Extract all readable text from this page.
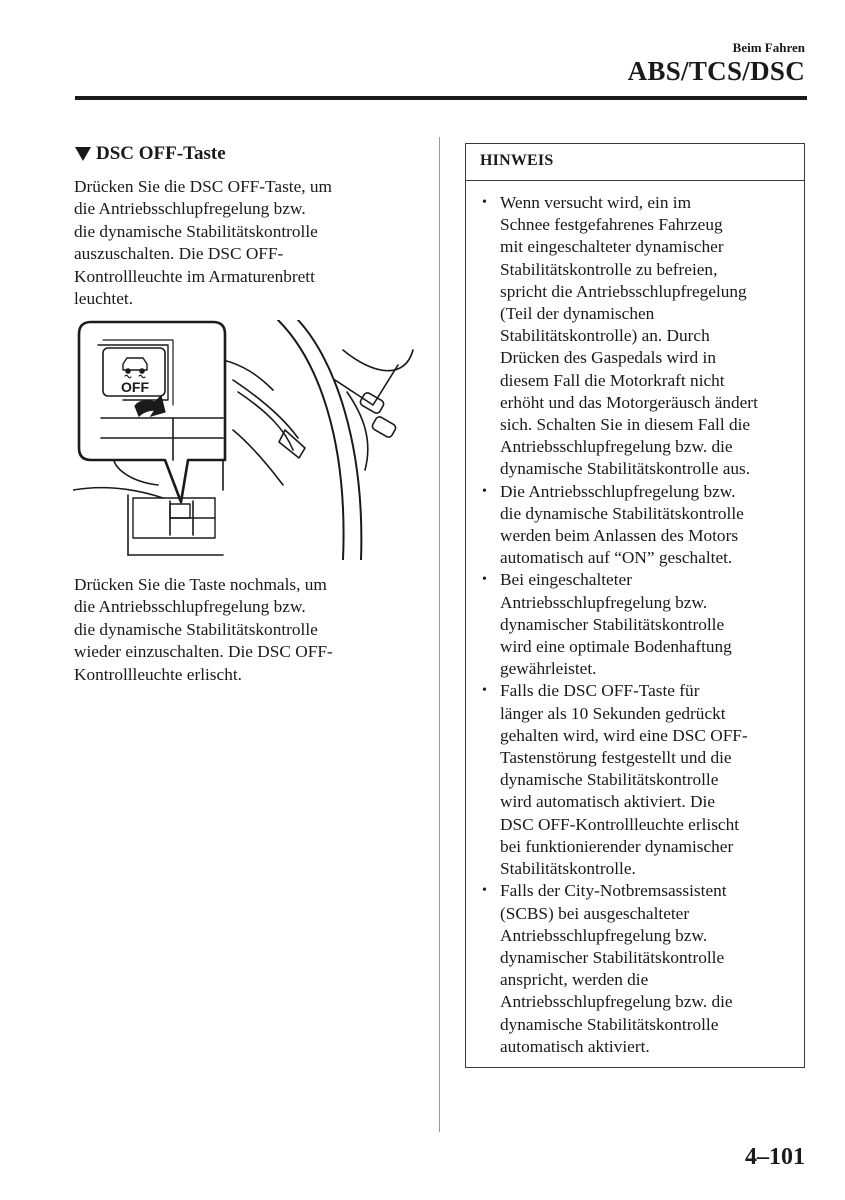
Beim Fahren
ABS/TCS/DSC
DSC OFF-Taste
Drücken Sie die DSC OFF-Taste, um
die Antriebsschlupfregelung bzw.
die dynamische Stabilitätskontrolle
auszuschalten. Die DSC OFF-
Kontrollleuchte im Armaturenbrett
leuchtet.
OFF
Drücken Sie die Taste nochmals, um
die Antriebsschlupfregelung bzw.
die dynamische Stabilitätskontrolle
wieder einzuschalten. Die DSC OFF-
Kontrollleuchte erlischt.
HINWEIS
• Wenn versucht wird, ein im
Schnee festgefahrenes Fahrzeug
mit eingeschalteter dynamischer
Stabilitätskontrolle zu befreien,
spricht die Antriebsschlupfregelung
(Teil der dynamischen
Stabilitätskontrolle) an. Durch
Drücken des Gaspedals wird in
diesem Fall die Motorkraft nicht
erhöht und das Motorgeräusch ändert
sich. Schalten Sie in diesem Fall die
Antriebsschlupfregelung bzw. die
dynamische Stabilitätskontrolle aus.
• Die Antriebsschlupfregelung bzw.
die dynamische Stabilitätskontrolle
werden beim Anlassen des Motors
automatisch auf “ON” geschaltet.
• Bei eingeschalteter
Antriebsschlupfregelung bzw.
dynamischer Stabilitätskontrolle
wird eine optimale Bodenhaftung
gewährleistet.
• Falls die DSC OFF-Taste für
länger als 10 Sekunden gedrückt
gehalten wird, wird eine DSC OFF-
Tastenstörung festgestellt und die
dynamische Stabilitätskontrolle
wird automatisch aktiviert. Die
DSC OFF-Kontrollleuchte erlischt
bei funktionierender dynamischer
Stabilitätskontrolle.
• Falls der City-Notbremsassistent
(SCBS) bei ausgeschalteter
Antriebsschlupfregelung bzw.
dynamischer Stabilitätskontrolle
anspricht, werden die
Antriebsschlupfregelung bzw. die
dynamische Stabilitätskontrolle
automatisch aktiviert.
4–101
